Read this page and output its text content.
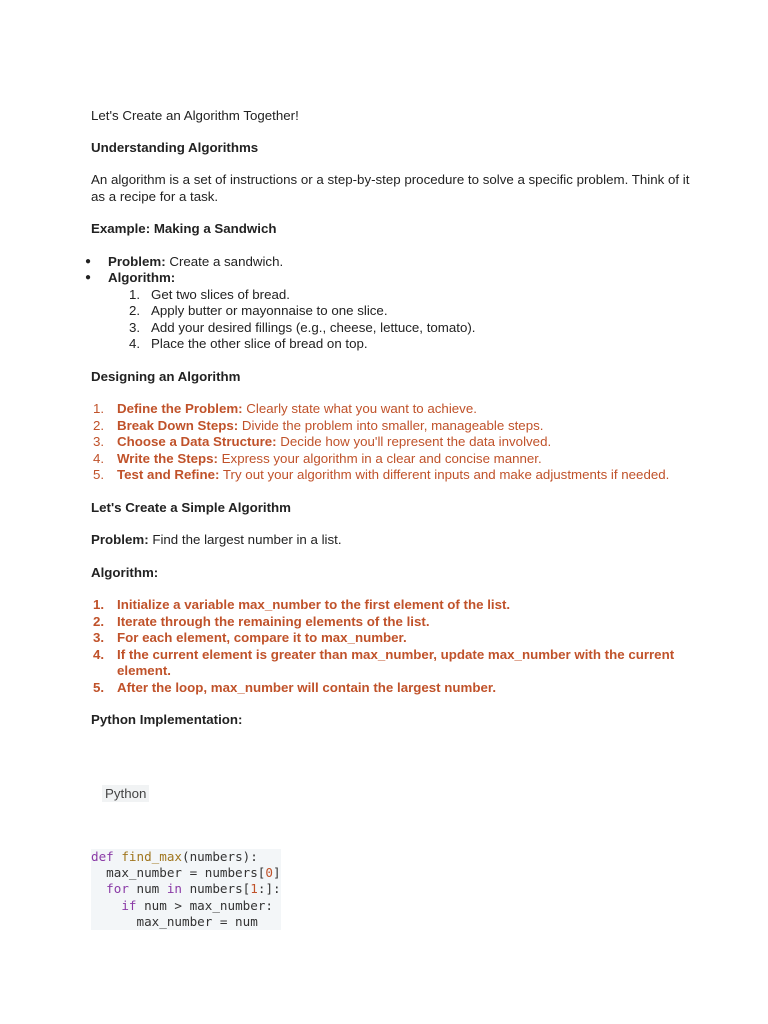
Let's Create an Algorithm Together!

Understanding Algorithms

An algorithm is a set of instructions or a step-by-step procedure to solve a specific problem. Think of it as a recipe for a task.

Example: Making a Sandwich

● Problem: Create a sandwich.
● Algorithm:
1. Get two slices of bread.
2. Apply butter or mayonnaise to one slice.
3. Add your desired fillings (e.g., cheese, lettuce, tomato).
4. Place the other slice of bread on top.

Designing an Algorithm

1. Define the Problem: Clearly state what you want to achieve.
2. Break Down Steps: Divide the problem into smaller, manageable steps.
3. Choose a Data Structure: Decide how you'll represent the data involved.
4. Write the Steps: Express your algorithm in a clear and concise manner.
5. Test and Refine: Try out your algorithm with different inputs and make adjustments if needed.

Let's Create a Simple Algorithm

Problem: Find the largest number in a list.

Algorithm:

1. Initialize a variable max_number to the first element of the list.
2. Iterate through the remaining elements of the list.
3. For each element, compare it to max_number.
4. If the current element is greater than max_number, update max_number with the current element.
5. After the loop, max_number will contain the largest number.

Python Implementation:

Python
def find_max(numbers):
max_number = numbers[0]
for num in numbers[1:]:
if num > max_number:
max_number = num
